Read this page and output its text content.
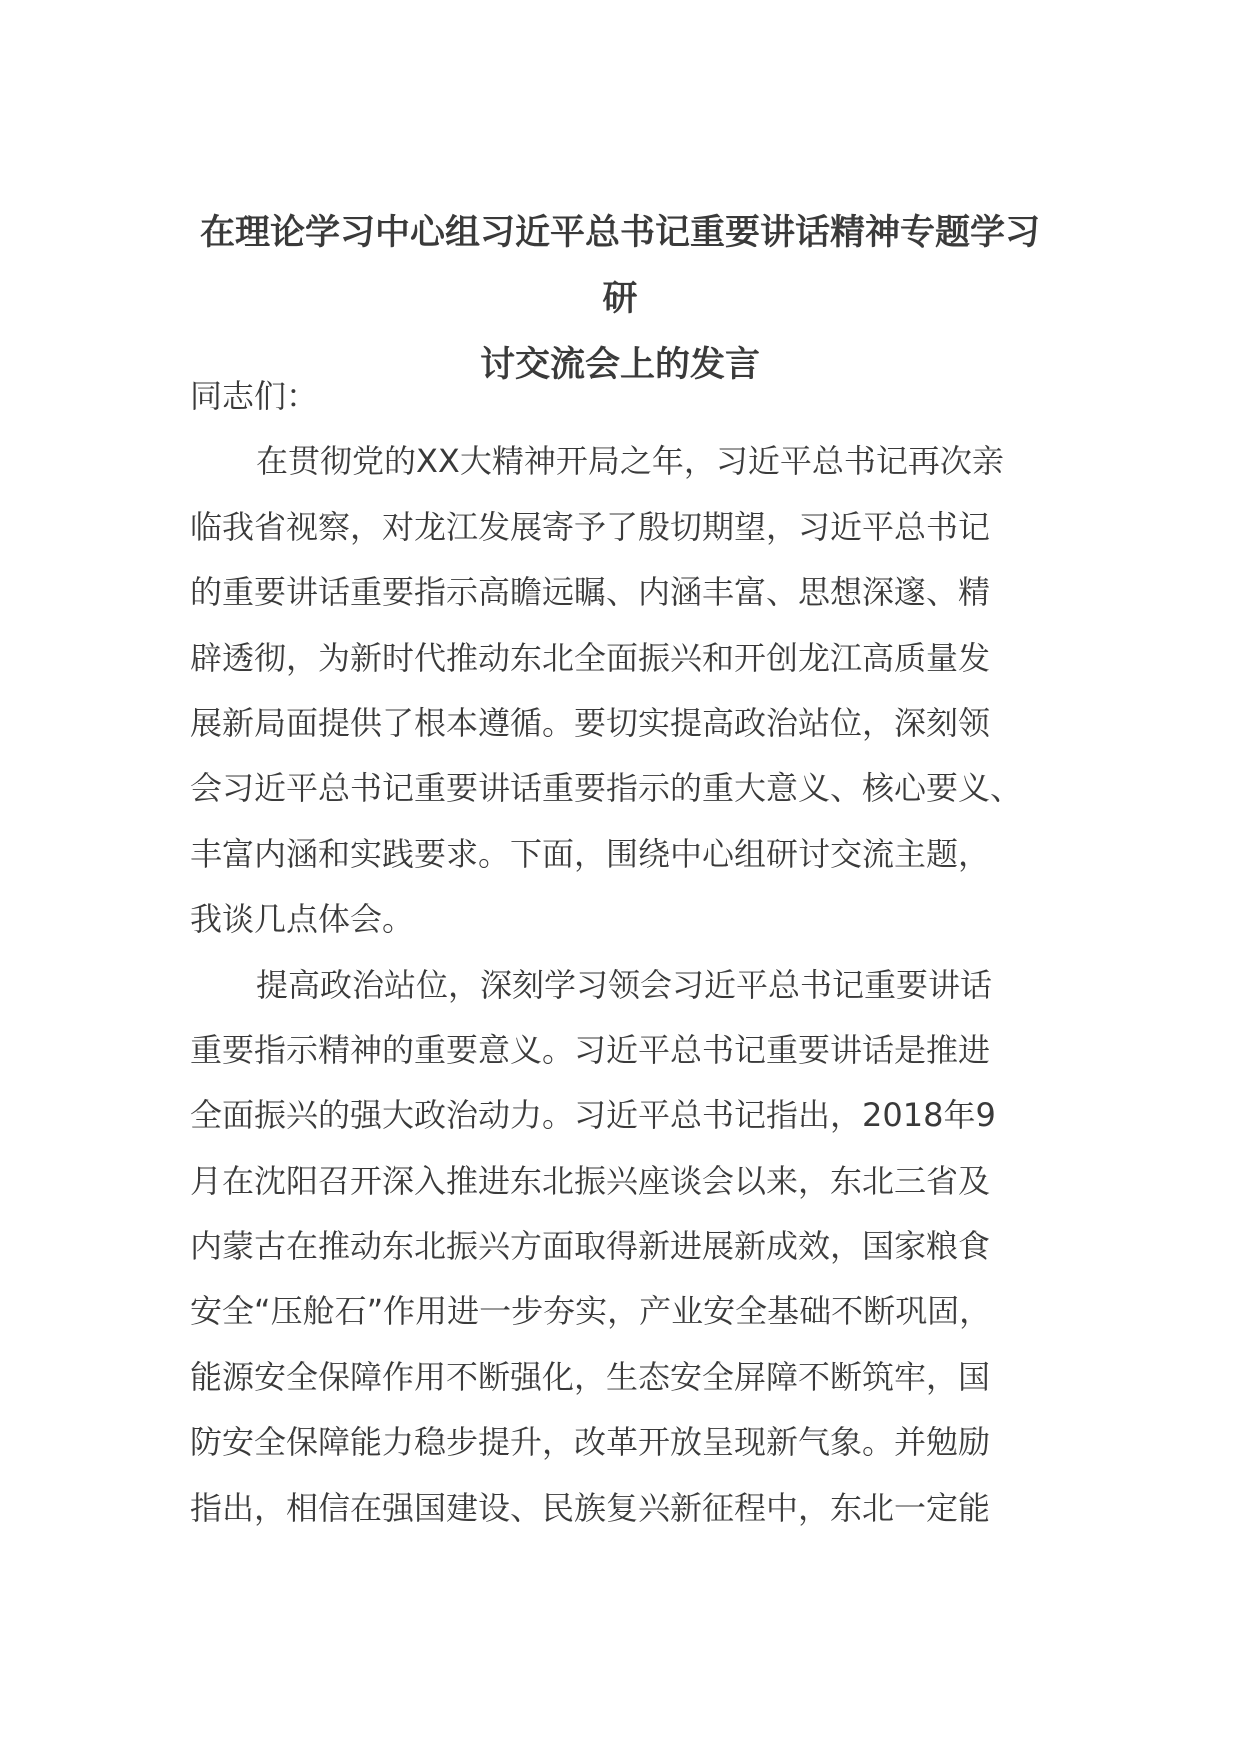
在理论学习中心组习近平总书记重要讲话精神专题学习研
讨交流会上的发言
同志们：
在贯彻党的XX大精神开局之年，习近平总书记再次亲
临我省视察，对龙江发展寄予了殷切期望，习近平总书记
的重要讲话重要指示高瞻远瞩、内涵丰富、思想深邃、精
辟透彻，为新时代推动东北全面振兴和开创龙江高质量发
展新局面提供了根本遵循。要切实提高政治站位，深刻领
会习近平总书记重要讲话重要指示的重大意义、核心要义、
丰富内涵和实践要求。下面，围绕中心组研讨交流主题，
我谈几点体会。
提高政治站位，深刻学习领会习近平总书记重要讲话
重要指示精神的重要意义。习近平总书记重要讲话是推进
全面振兴的强大政治动力。习近平总书记指出，2018年9
月在沈阳召开深入推进东北振兴座谈会以来，东北三省及
内蒙古在推动东北振兴方面取得新进展新成效，国家粮食
安全“压舱石”作用进一步夯实，产业安全基础不断巩固，
能源安全保障作用不断强化，生态安全屏障不断筑牢，国
防安全保障能力稳步提升，改革开放呈现新气象。并勉励
指出，相信在强国建设、民族复兴新征程中，东北一定能
